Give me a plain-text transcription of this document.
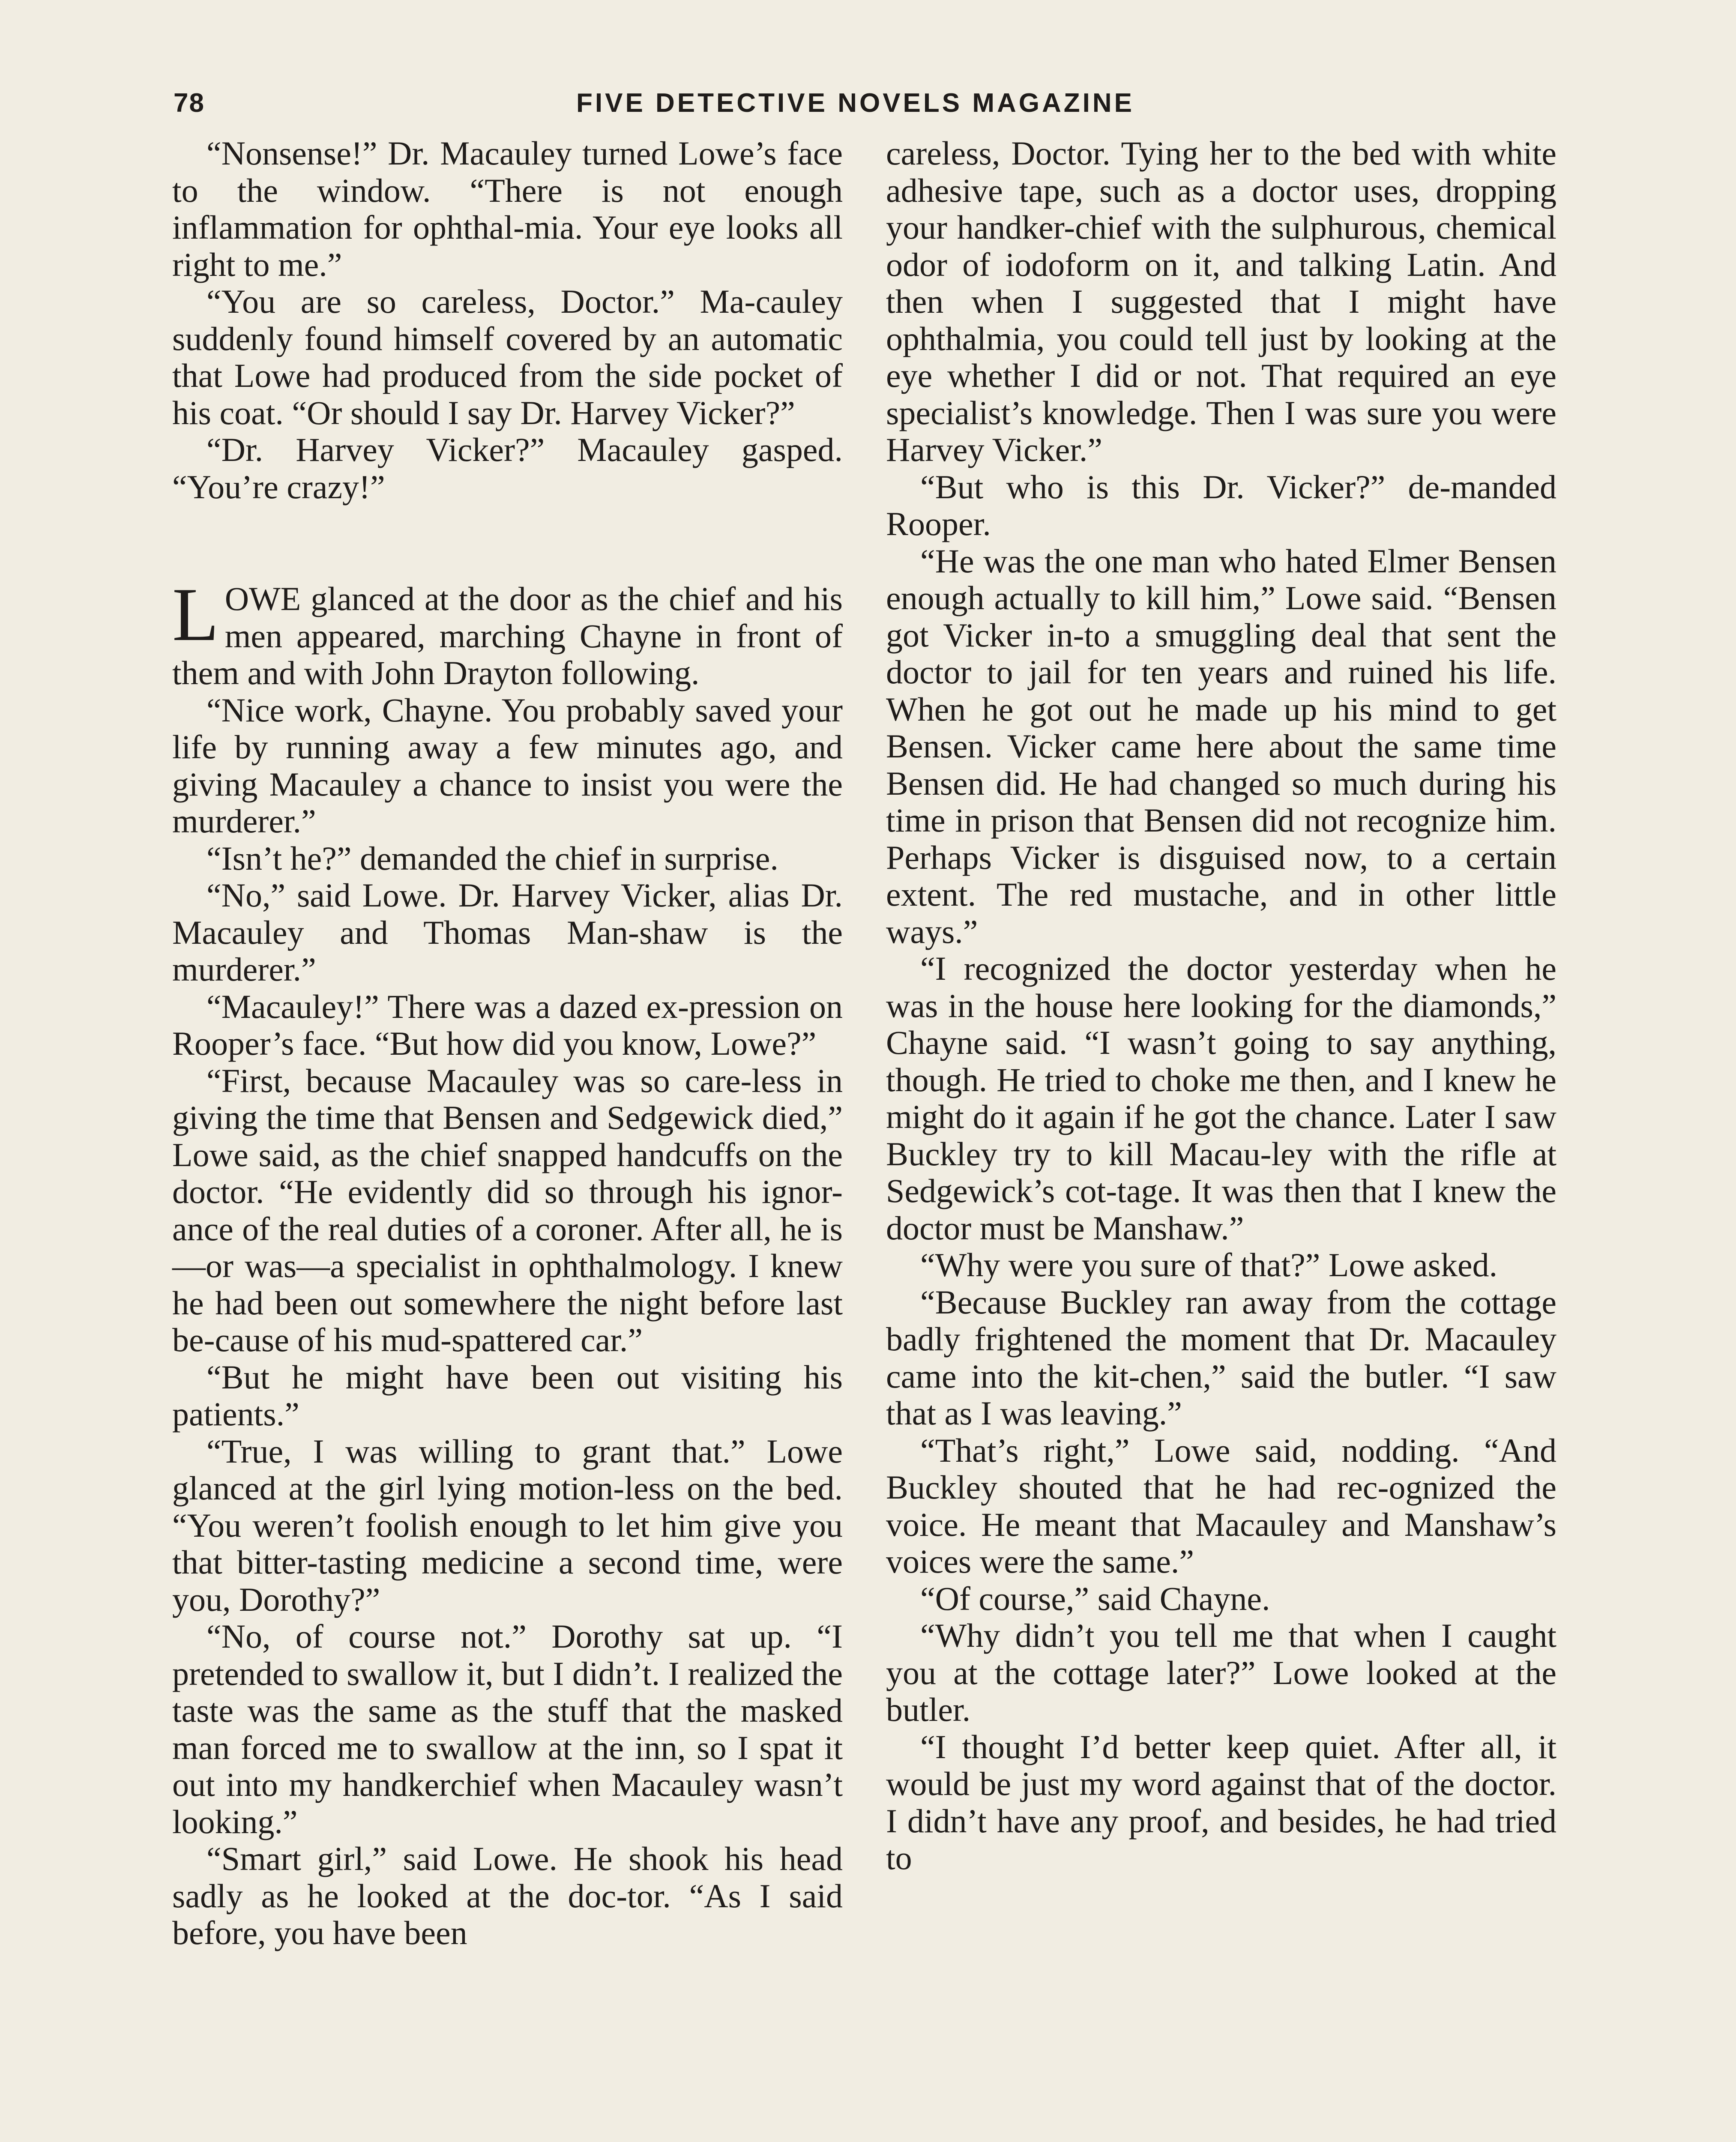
78	FIVE DETECTIVE NOVELS MAGAZINE

“Nonsense!” Dr. Macauley turned Lowe’s face to the window. “There is not enough inflammation for ophthal-mia. Your eye looks all right to me.”

“You are so careless, Doctor.” Ma-cauley suddenly found himself covered by an automatic that Lowe had produced from the side pocket of his coat. “Or should I say Dr. Harvey Vicker?”

“Dr. Harvey Vicker?” Macauley gasped. “You’re crazy!”

LOWE glanced at the door as the chief and his men appeared, marching Chayne in front of them and with John Drayton following.

“Nice work, Chayne. You probably saved your life by running away a few minutes ago, and giving Macauley a chance to insist you were the murderer.”

“Isn’t he?” demanded the chief in surprise.

“No,” said Lowe. Dr. Harvey Vicker, alias Dr. Macauley and Thomas Man-shaw is the murderer.”

“Macauley!” There was a dazed ex-pression on Rooper’s face. “But how did you know, Lowe?”

“First, because Macauley was so care-less in giving the time that Bensen and Sedgewick died,” Lowe said, as the chief snapped handcuffs on the doctor. “He evidently did so through his ignor-ance of the real duties of a coroner. After all, he is—or was—a specialist in ophthalmology. I knew he had been out somewhere the night before last be-cause of his mud-spattered car.”

“But he might have been out visiting his patients.”

“True, I was willing to grant that.” Lowe glanced at the girl lying motion-less on the bed. “You weren’t foolish enough to let him give you that bitter-tasting medicine a second time, were you, Dorothy?”

“No, of course not.” Dorothy sat up. “I pretended to swallow it, but I didn’t. I realized the taste was the same as the stuff that the masked man forced me to swallow at the inn, so I spat it out into my handkerchief when Macauley wasn’t looking.”

“Smart girl,” said Lowe. He shook his head sadly as he looked at the doc-tor. “As I said before, you have been

careless, Doctor. Tying her to the bed with white adhesive tape, such as a doctor uses, dropping your handker-chief with the sulphurous, chemical odor of iodoform on it, and talking Latin. And then when I suggested that I might have ophthalmia, you could tell just by looking at the eye whether I did or not. That required an eye specialist’s knowledge. Then I was sure you were Harvey Vicker.”

“But who is this Dr. Vicker?” de-manded Rooper.

“He was the one man who hated Elmer Bensen enough actually to kill him,” Lowe said. “Bensen got Vicker in-to a smuggling deal that sent the doctor to jail for ten years and ruined his life. When he got out he made up his mind to get Bensen. Vicker came here about the same time Bensen did. He had changed so much during his time in prison that Bensen did not recognize him. Perhaps Vicker is disguised now, to a certain extent. The red mustache, and in other little ways.”

“I recognized the doctor yesterday when he was in the house here looking for the diamonds,” Chayne said. “I wasn’t going to say anything, though. He tried to choke me then, and I knew he might do it again if he got the chance. Later I saw Buckley try to kill Macau-ley with the rifle at Sedgewick’s cot-tage. It was then that I knew the doctor must be Manshaw.”

“Why were you sure of that?” Lowe asked.

“Because Buckley ran away from the cottage badly frightened the moment that Dr. Macauley came into the kit-chen,” said the butler. “I saw that as I was leaving.”

“That’s right,” Lowe said, nodding. “And Buckley shouted that he had rec-ognized the voice. He meant that Macauley and Manshaw’s voices were the same.”

“Of course,” said Chayne.

“Why didn’t you tell me that when I caught you at the cottage later?” Lowe looked at the butler.

“I thought I’d better keep quiet. After all, it would be just my word against that of the doctor. I didn’t have any proof, and besides, he had tried to
